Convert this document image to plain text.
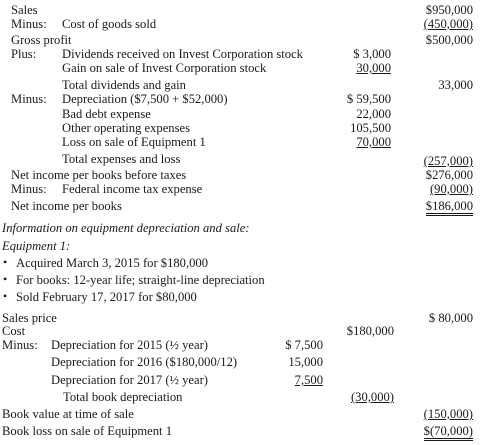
Sales	$950,000
Minus: Cost of goods sold	(450,000)
Gross profit	$500,000
Plus: Dividends received on Invest Corporation stock	$ 3,000
Gain on sale of Invest Corporation stock	30,000
Total dividends and gain	33,000
Minus: Depreciation ($7,500 + $52,000)	$ 59,500
Bad debt expense	22,000
Other operating expenses	105,500
Loss on sale of Equipment 1	70,000
Total expenses and loss	(257,000)
Net income per books before taxes	$276,000
Minus: Federal income tax expense	(90,000)
Net income per books	$186,000
Information on equipment depreciation and sale:
Equipment 1:
• Acquired March 3, 2015 for $180,000
• For books: 12-year life; straight-line depreciation
• Sold February 17, 2017 for $80,000
Sales price	$ 80,000
Cost	$180,000
Minus: Depreciation for 2015 (½ year)	$ 7,500
Depreciation for 2016 ($180,000/12)	15,000
Depreciation for 2017 (½ year)	7,500
Total book depreciation	(30,000)
Book value at time of sale	(150,000)
Book loss on sale of Equipment 1	$(70,000)
